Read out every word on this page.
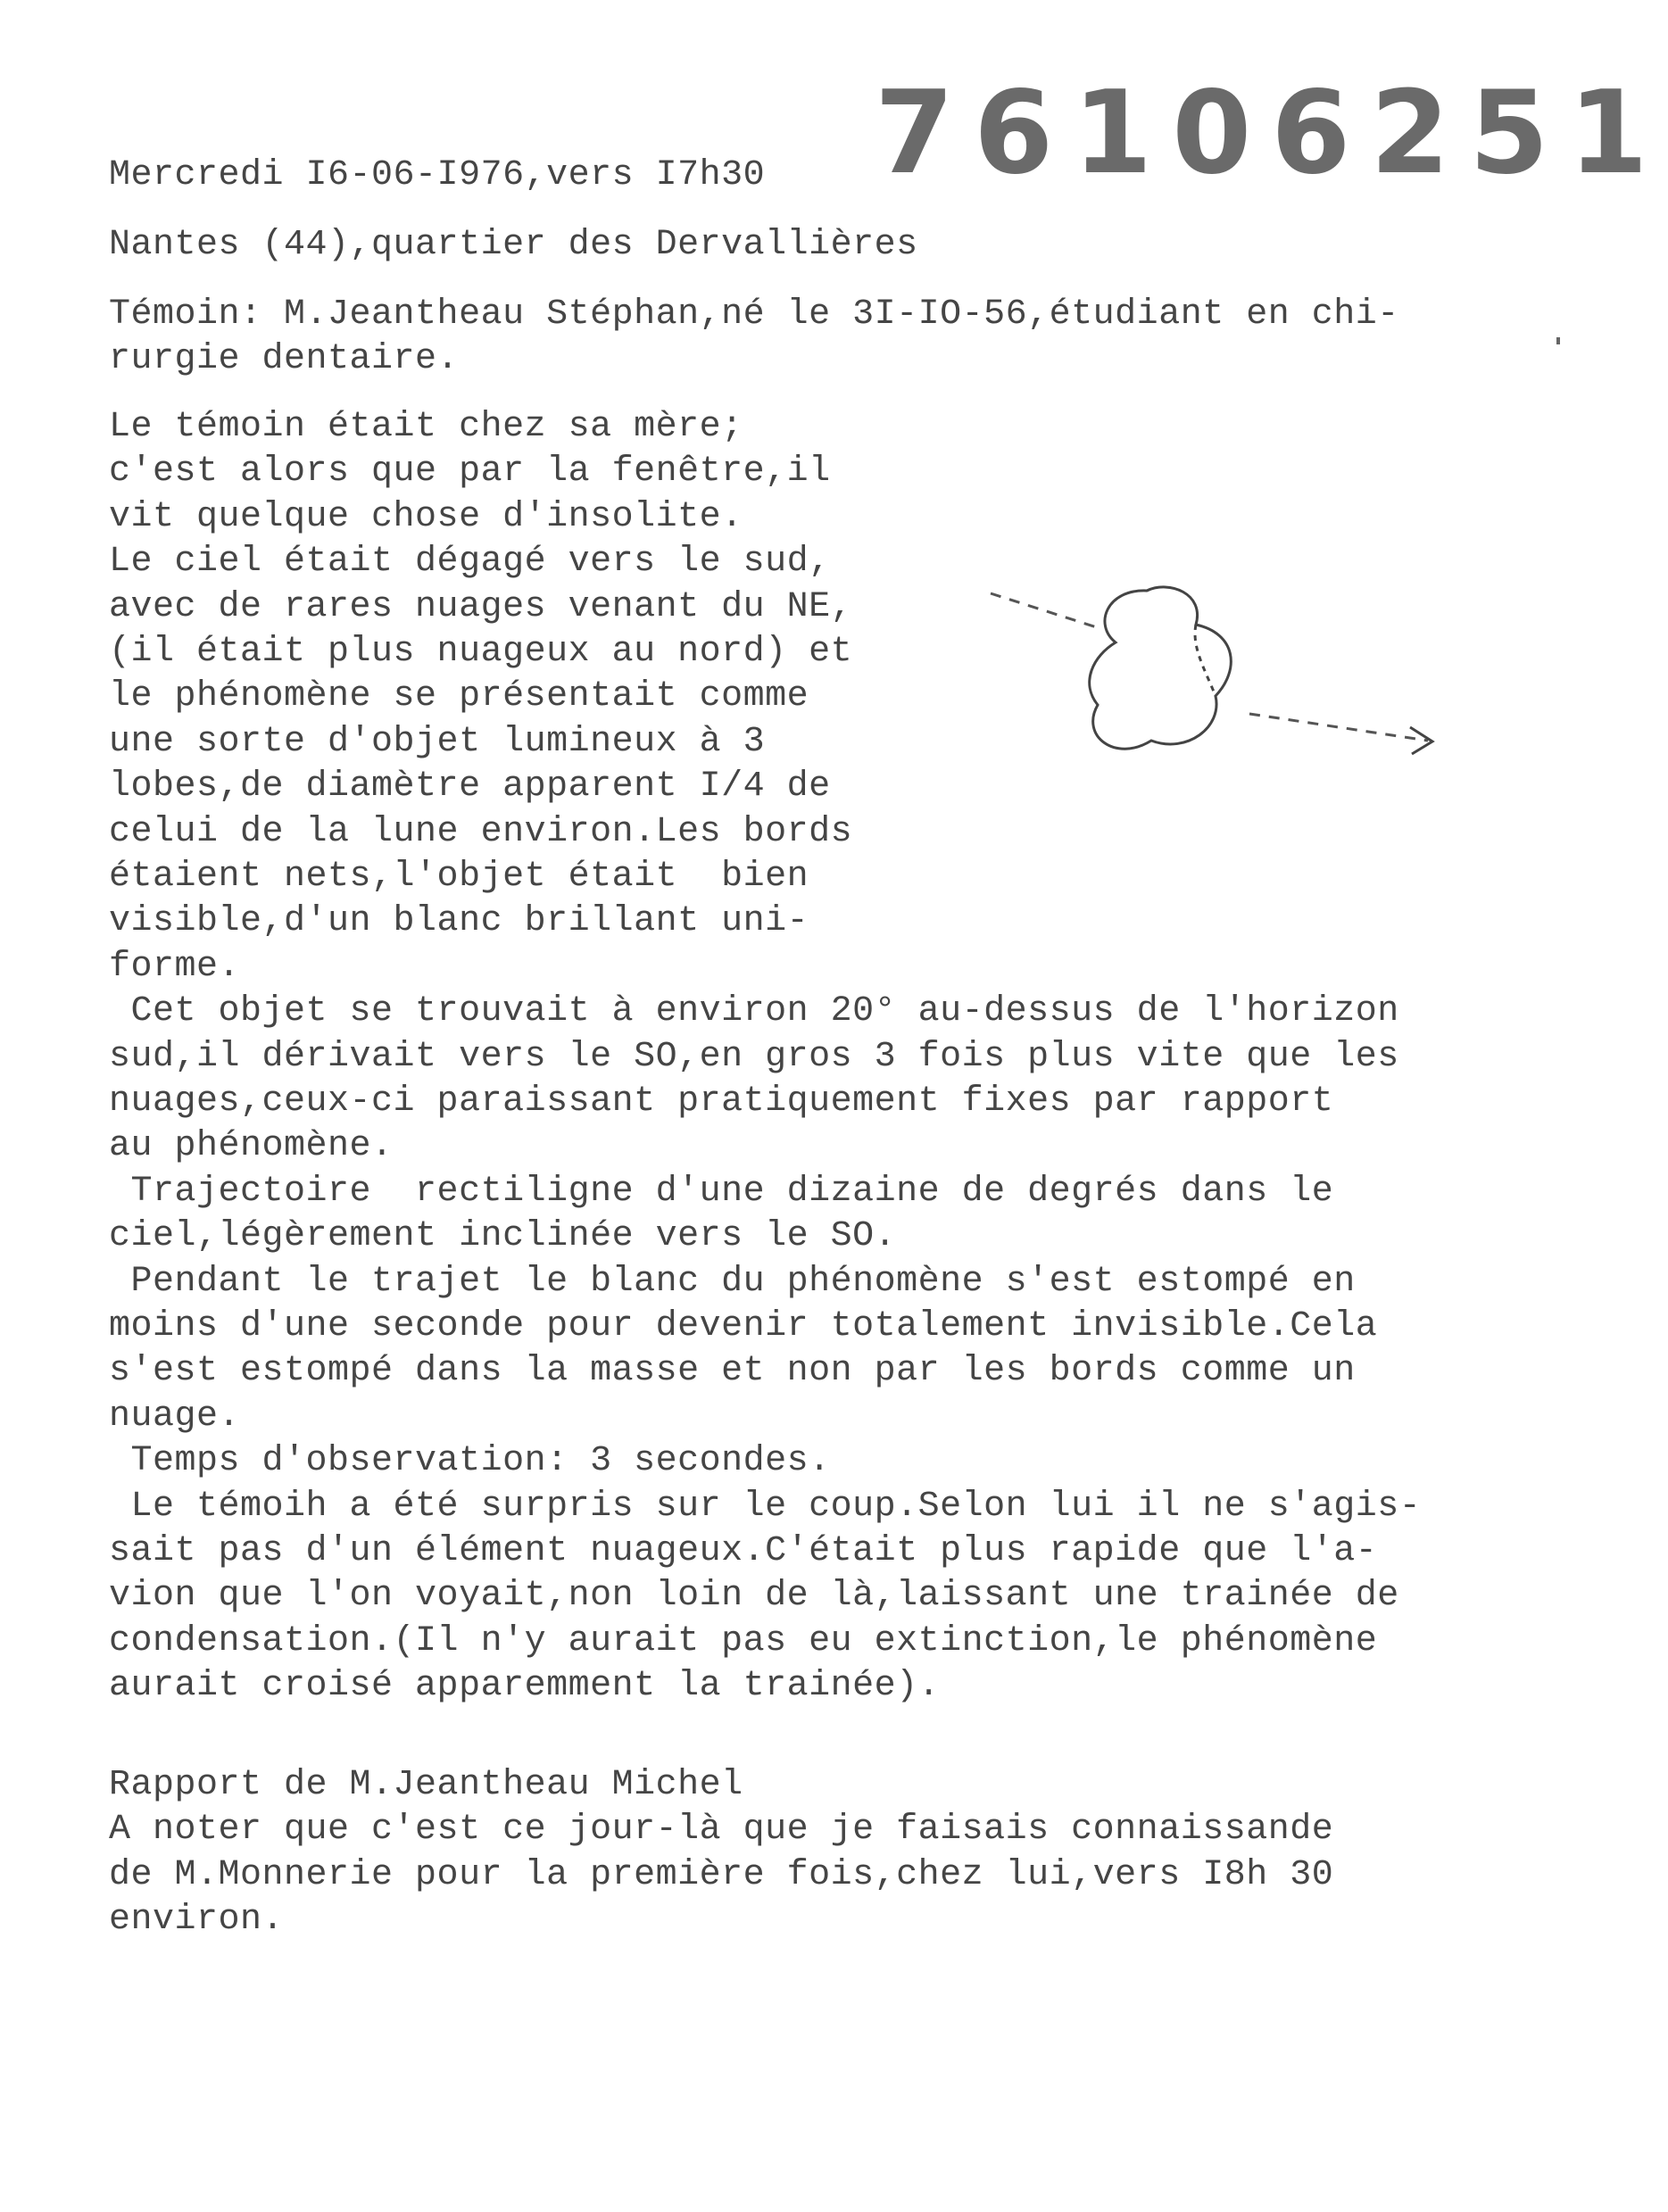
76106251
Mercredi I6-06-I976,vers I7h30
Nantes (44),quartier des Dervallières
Témoin: M.Jeantheau Stéphan,né le 3I-IO-56,étudiant en chi-
rurgie dentaire.
Le témoin était chez sa mère;
c'est alors que par la fenêtre,il
vit quelque chose d'insolite.
Le ciel était dégagé vers le sud,
avec de rares nuages venant du NE,
(il était plus nuageux au nord) et
le phénomène se présentait comme
une sorte d'objet lumineux à 3
lobes,de diamètre apparent I/4 de
celui de la lune environ.Les bords
étaient nets,l'objet était  bien
visible,d'un blanc brillant uni-
forme.
Cet objet se trouvait à environ 20° au-dessus de l'horizon
sud,il dérivait vers le SO,en gros 3 fois plus vite que les
nuages,ceux-ci paraissant pratiquement fixes par rapport
au phénomène.
Trajectoire  rectiligne d'une dizaine de degrés dans le
ciel,légèrement inclinée vers le SO.
Pendant le trajet le blanc du phénomène s'est estompé en
moins d'une seconde pour devenir totalement invisible.Cela
s'est estompé dans la masse et non par les bords comme un
nuage.
Temps d'observation: 3 secondes.
Le témoih a été surpris sur le coup.Selon lui il ne s'agis-
sait pas d'un élément nuageux.C'était plus rapide que l'a-
vion que l'on voyait,non loin de là,laissant une trainée de
condensation.(Il n'y aurait pas eu extinction,le phénomène
aurait croisé apparemment la trainée).
Rapport de M.Jeantheau Michel
A noter que c'est ce jour-là que je faisais connaissande
de M.Monnerie pour la première fois,chez lui,vers I8h 30
environ.
